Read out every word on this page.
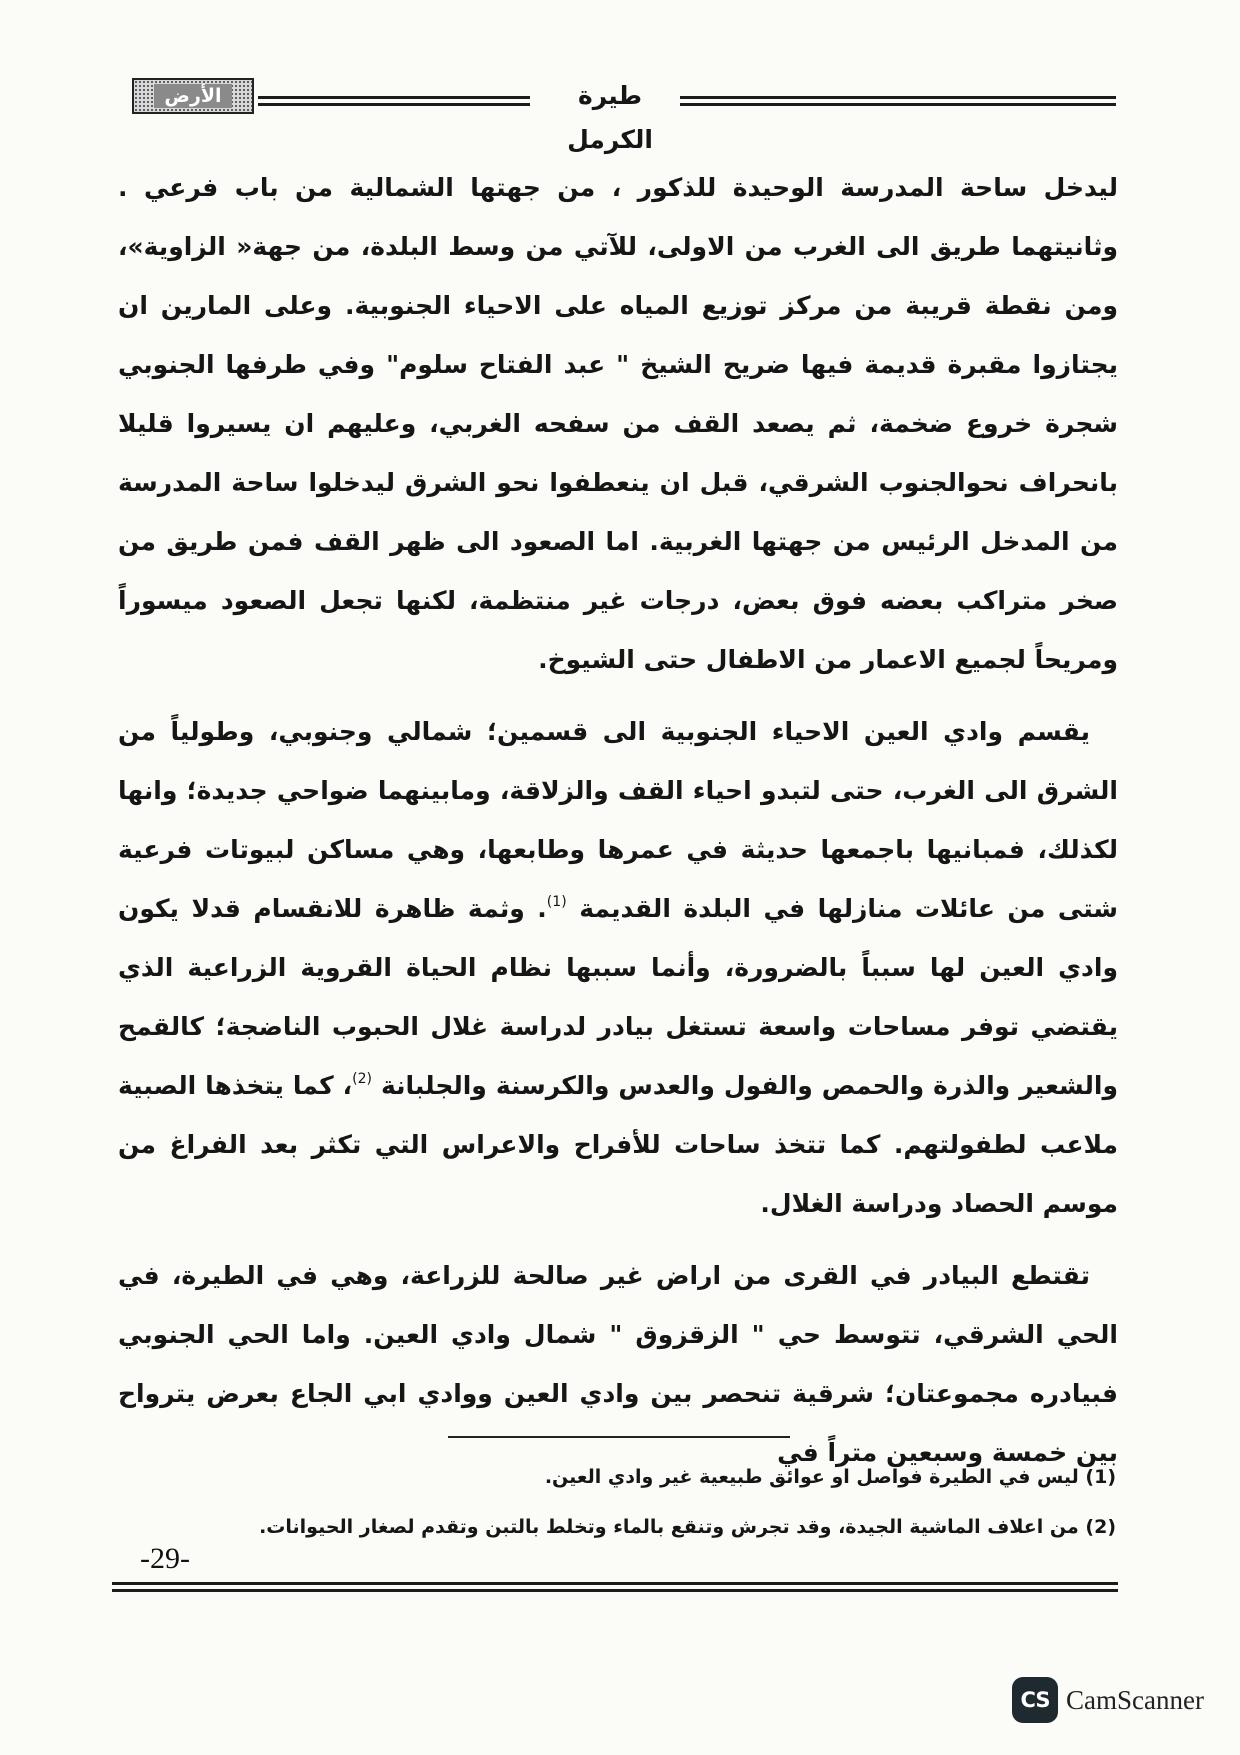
الأرض	طيرة الكرمل

ليدخل ساحة المدرسة الوحيدة للذكور ، من جهتها الشمالية من باب فرعي . وثانيتهما طريق الى الغرب من الاولى، للآتي من وسط البلدة، من جهة« الزاوية»، ومن نقطة قريبة من مركز توزيع المياه على الاحياء الجنوبية. وعلى المارين ان يجتازوا مقبرة قديمة فيها ضريح الشيخ " عبد الفتاح سلوم" وفي طرفها الجنوبي شجرة خروع ضخمة، ثم يصعد القف من سفحه الغربي، وعليهم ان يسيروا قليلا بانحراف نحوالجنوب الشرقي، قبل ان ينعطفوا نحو الشرق ليدخلوا ساحة المدرسة من المدخل الرئيس من جهتها الغربية. اما الصعود الى ظهر القف فمن طريق من صخر متراكب بعضه فوق بعض، درجات غير منتظمة، لكنها تجعل الصعود ميسوراً ومريحاً لجميع الاعمار من الاطفال حتى الشيوخ.

يقسم وادي العين الاحياء الجنوبية الى قسمين؛ شمالي وجنوبي، وطولياً من الشرق الى الغرب، حتى لتبدو احياء القف والزلاقة، ومابينهما ضواحي جديدة؛ وانها لكذلك، فمبانيها باجمعها حديثة في عمرها وطابعها، وهي مساكن لبيوتات فرعية شتى من عائلات منازلها في البلدة القديمة $^{(1)}$. وثمة ظاهرة للانقسام قدلا يكون وادي العين لها سبباً بالضرورة، وأنما سببها نظام الحياة القروية الزراعية الذي يقتضي توفر مساحات واسعة تستغل بيادر لدراسة غلال الحبوب الناضجة؛ كالقمح والشعير والذرة والحمص والفول والعدس والكرسنة والجلبانة $^{(2)}$، كما يتخذها الصبية ملاعب لطفولتهم. كما تتخذ ساحات للأفراح والاعراس التي تكثر بعد الفراغ من موسم الحصاد ودراسة الغلال.

تقتطع البيادر في القرى من اراض غير صالحة للزراعة، وهي في الطيرة، في الحي الشرقي، تتوسط حي " الزقزوق " شمال وادي العين. واما الحي الجنوبي فبيادره مجموعتان؛ شرقية تنحصر بين وادي العين ووادي ابي الجاع بعرض يترواح بين خمسة وسبعين متراً في

(1) ليس في الطيرة فواصل او عوائق طبيعية غير وادي العين.
(2) من اعلاف الماشية الجيدة، وقد تجرش وتنقع بالماء وتخلط بالتبن وتقدم لصغار الحيوانات.
-29-
CS CamScanner
